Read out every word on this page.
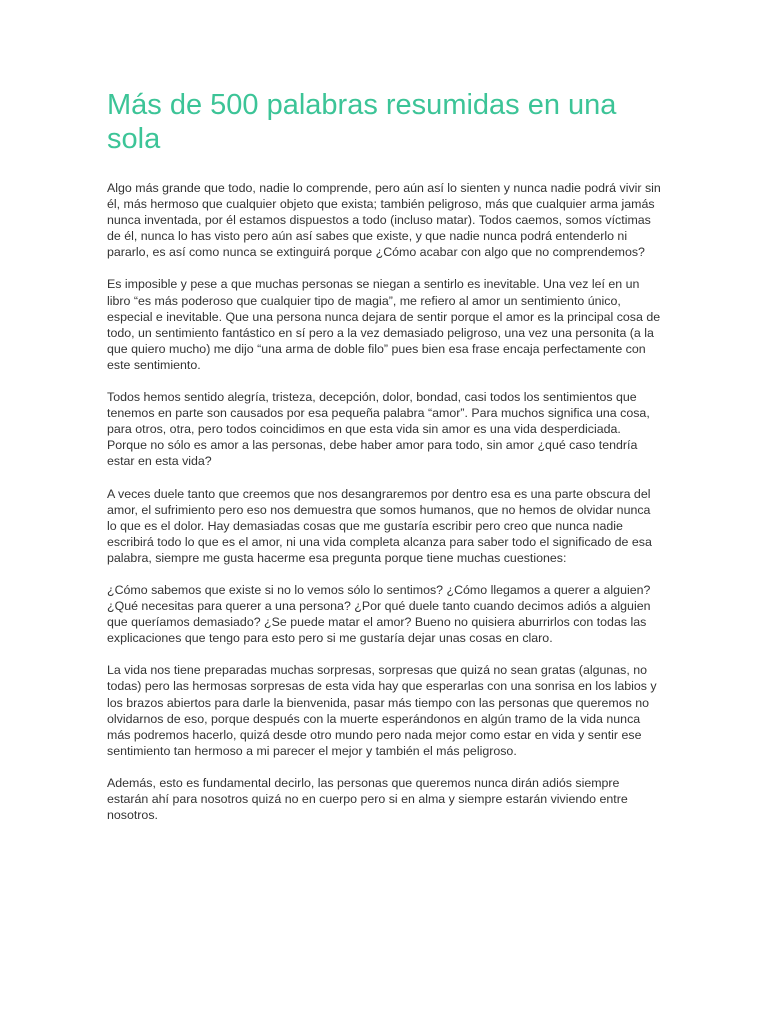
Más de 500 palabras resumidas en una sola

Algo más grande que todo, nadie lo comprende, pero aún así lo sienten y nunca nadie podrá vivir sin él, más hermoso que cualquier objeto que exista; también peligroso, más que cualquier arma jamás nunca inventada, por él estamos dispuestos a todo (incluso matar). Todos caemos, somos víctimas de él, nunca lo has visto pero aún así sabes que existe, y que nadie nunca podrá entenderlo ni pararlo, es así como nunca se extinguirá porque ¿Cómo acabar con algo que no comprendemos?

Es imposible y pese a que muchas personas se niegan a sentirlo es inevitable. Una vez leí en un libro “es más poderoso que cualquier tipo de magia”, me refiero al amor un sentimiento único, especial e inevitable. Que una persona nunca dejara de sentir porque el amor es la principal cosa de todo, un sentimiento fantástico en sí pero a la vez demasiado peligroso, una vez una personita (a la que quiero mucho) me dijo “una arma de doble filo” pues bien esa frase encaja perfectamente con este sentimiento.

Todos hemos sentido alegría, tristeza, decepción, dolor, bondad, casi todos los sentimientos que tenemos en parte son causados por esa pequeña palabra “amor”. Para muchos significa una cosa, para otros, otra, pero todos coincidimos en que esta vida sin amor es una vida desperdiciada. Porque no sólo es amor a las personas, debe haber amor para todo, sin amor ¿qué caso tendría estar en esta vida?

A veces duele tanto que creemos que nos desangraremos por dentro esa es una parte obscura del amor, el sufrimiento pero eso nos demuestra que somos humanos, que no hemos de olvidar nunca lo que es el dolor. Hay demasiadas cosas que me gustaría escribir pero creo que nunca nadie escribirá todo lo que es el amor, ni una vida completa alcanza para saber todo el significado de esa palabra, siempre me gusta hacerme esa pregunta porque tiene muchas cuestiones:

¿Cómo sabemos que existe si no lo vemos sólo lo sentimos? ¿Cómo llegamos a querer a alguien? ¿Qué necesitas para querer a una persona? ¿Por qué duele tanto cuando decimos adiós a alguien que queríamos demasiado? ¿Se puede matar el amor? Bueno no quisiera aburrirlos con todas las explicaciones que tengo para esto pero si me gustaría dejar unas cosas en claro.

La vida nos tiene preparadas muchas sorpresas, sorpresas que quizá no sean gratas (algunas, no todas) pero las hermosas sorpresas de esta vida hay que esperarlas con una sonrisa en los labios y los brazos abiertos para darle la bienvenida, pasar más tiempo con las personas que queremos no olvidarnos de eso, porque después con la muerte esperándonos en algún tramo de la vida nunca más podremos hacerlo, quizá desde otro mundo pero nada mejor como estar en vida y sentir ese sentimiento tan hermoso a mi parecer el mejor y también el más peligroso.

Además, esto es fundamental decirlo, las personas que queremos nunca dirán adiós siempre estarán ahí para nosotros quizá no en cuerpo pero si en alma y siempre estarán viviendo entre nosotros.
